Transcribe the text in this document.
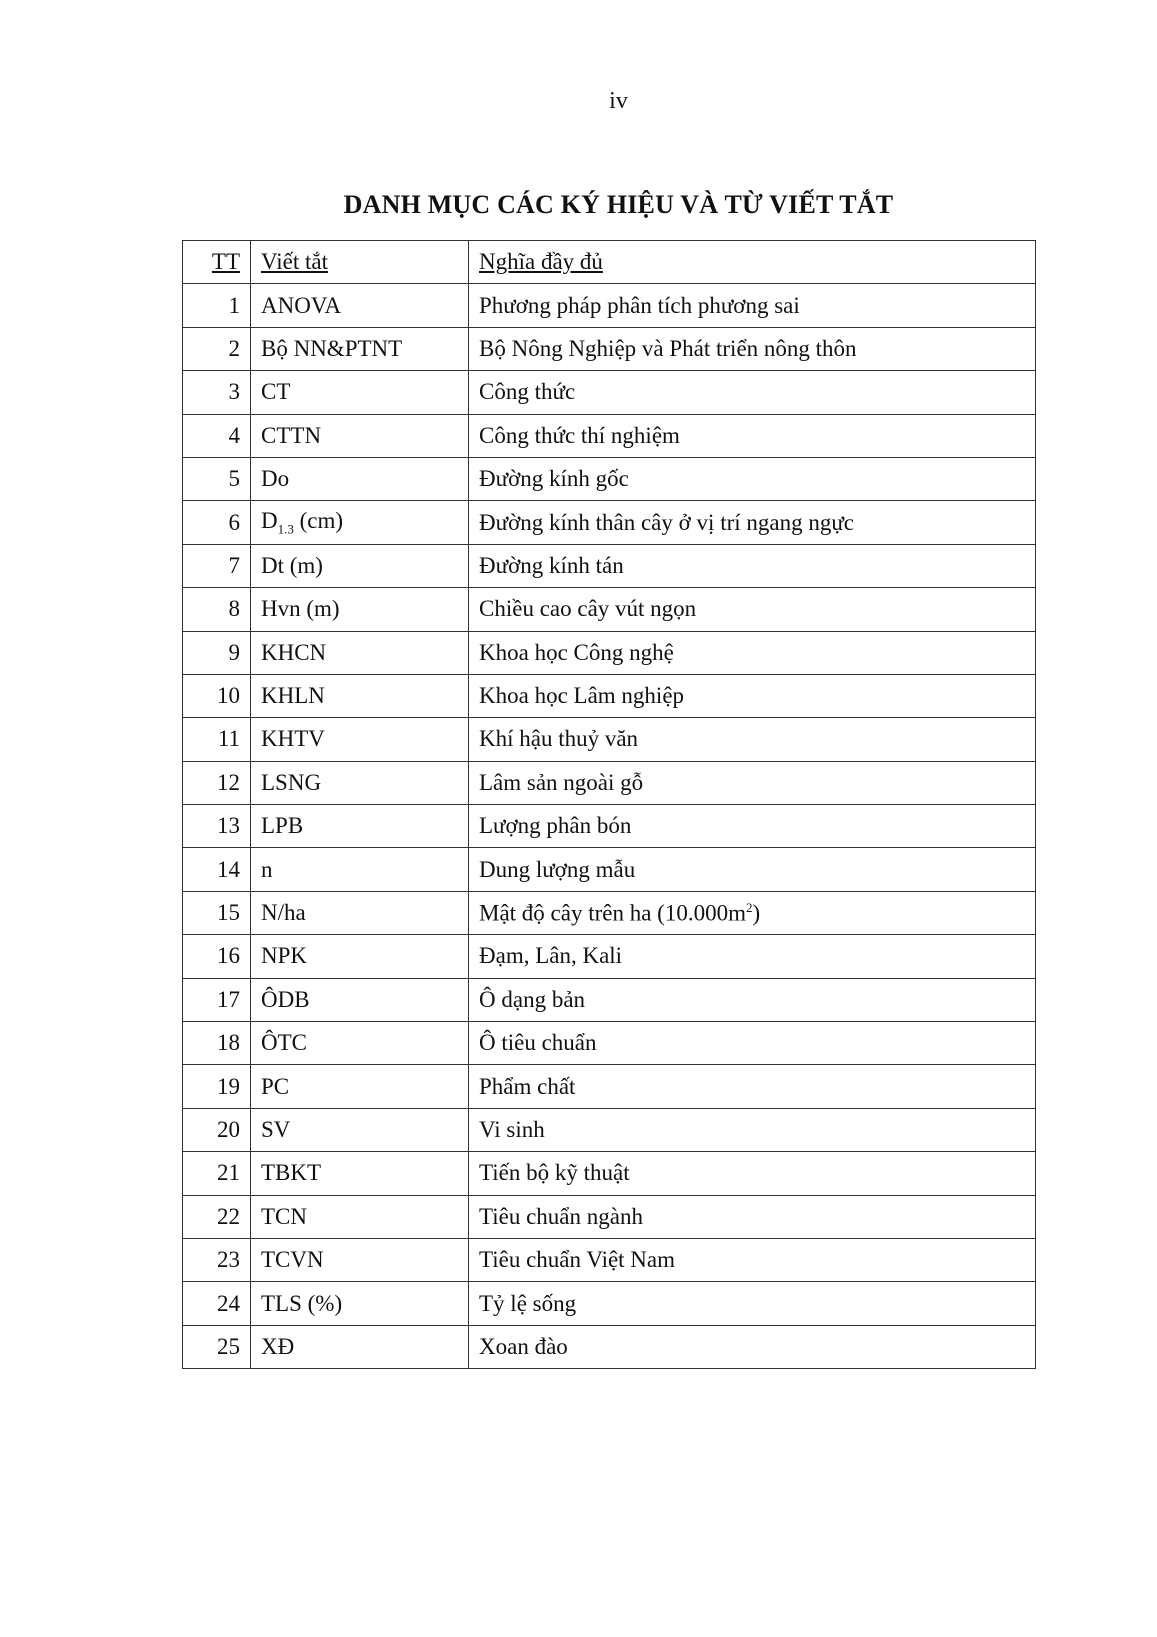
iv
DANH MỤC CÁC KÝ HIỆU VÀ TỪ VIẾT TẮT
TT	Viết tắt	Nghĩa đầy đủ
1	ANOVA	Phương pháp phân tích phương sai
2	Bộ NN&PTNT	Bộ Nông Nghiệp và Phát triển nông thôn
3	CT	Công thức
4	CTTN	Công thức thí nghiệm
5	Do	Đường kính gốc
6	$D_{1.3}$ (cm)	Đường kính thân cây ở vị trí ngang ngực
7	Dt (m)	Đường kính tán
8	Hvn (m)	Chiều cao cây vút ngọn
9	KHCN	Khoa học Công nghệ
10	KHLN	Khoa học Lâm nghiệp
11	KHTV	Khí hậu thuỷ văn
12	LSNG	Lâm sản ngoài gỗ
13	LPB	Lượng phân bón
14	n	Dung lượng mẫu
15	N/ha	Mật độ cây trên ha $(10.000m^2)$
16	NPK	Đạm, Lân, Kali
17	ÔDB	Ô dạng bản
18	ÔTC	Ô tiêu chuẩn
19	PC	Phẩm chất
20	SV	Vi sinh
21	TBKT	Tiến bộ kỹ thuật
22	TCN	Tiêu chuẩn ngành
23	TCVN	Tiêu chuẩn Việt Nam
24	TLS (%)	Tỷ lệ sống
25	XĐ	Xoan đào
